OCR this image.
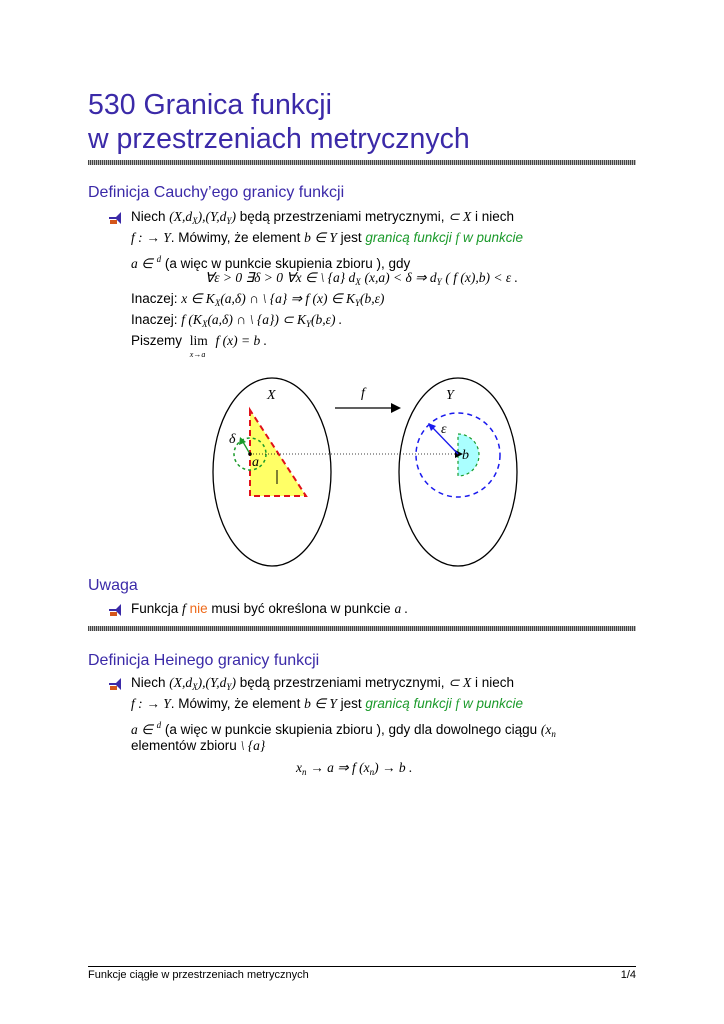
530 Granica funkcji
w przestrzeniach metrycznych
Definicja Cauchy’ego granicy funkcji
Niech $(X,d_X),(Y,d_Y)$ będą przestrzeniami metrycznymi, ⊂ X i niech
f : → Y. Mówimy, że element b ∈ Y jest granicą funkcji f w punkcie
a ∈ $^d$ (a więc w punkcie skupienia zbioru ), gdy
∀ε > 0 ∃δ > 0 ∀x ∈ \ {a} $d_X$ (x,a) < δ ⇒ $d_Y$ ( f (x),b) < ε .
Inaczej: x ∈ $K_X(a,\delta)$ ∩ \ {a} ⇒ f (x) ∈ $K_Y(b,\varepsilon)$
Inaczej: f ($K_X(a,\delta)$ ∩ \ {a}) ⊂ $K_Y(b,\varepsilon)$ .
Piszemy lim
x→a
f (x) = b .
X	f	Y
δ
a
ε
b
Uwaga
Funkcja f nie musi być określona w punkcie a .
Definicja Heinego granicy funkcji
Niech $(X,d_X),(Y,d_Y)$ będą przestrzeniami metrycznymi, ⊂ X i niech
f : → Y. Mówimy, że element b ∈ Y jest granicą funkcji f w punkcie
a ∈ $^d$ (a więc w punkcie skupienia zbioru ), gdy dla dowolnego ciągu ($x_n$
elementów zbioru \ {a}
$x_n \to a$ ⇒ f $(x_n) \to b$ .
Funkcje ciągłe w przestrzeniach metrycznych	1/4
